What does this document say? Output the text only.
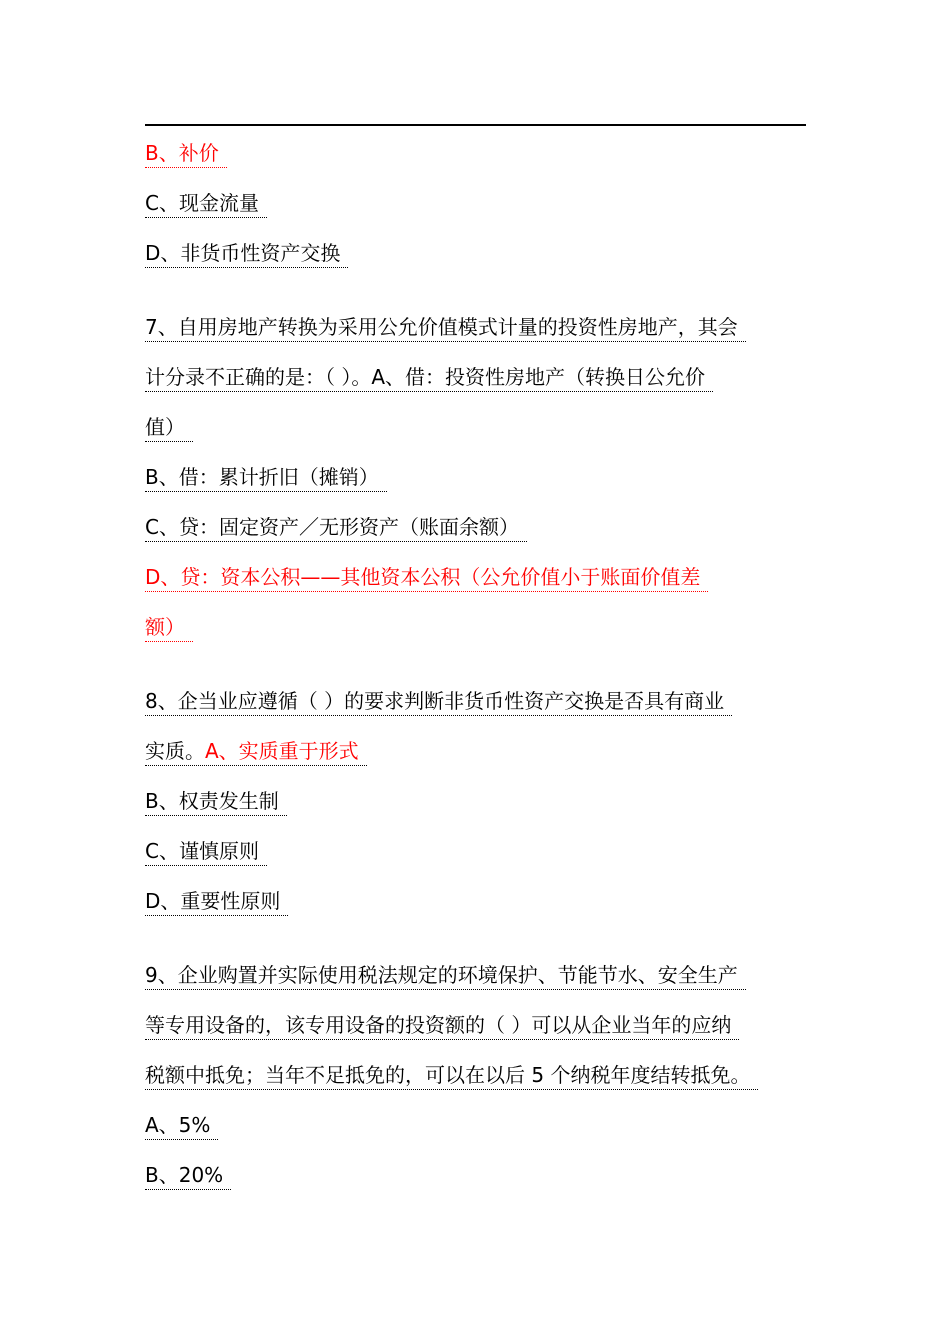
B、补价
C、现金流量
D、非货币性资产交换
7、自用房地产转换为采用公允价值模式计量的投资性房地产，其会
计分录不正确的是：（ ）。A、借：投资性房地产（转换日公允价
值）
B、借：累计折旧（摊销）
C、贷：固定资产／无形资产（账面余额）
D、贷：资本公积——其他资本公积（公允价值小于账面价值差
额）
8、企当业应遵循（ ）的要求判断非货币性资产交换是否具有商业
实质。A、实质重于形式
B、权责发生制
C、谨慎原则
D、重要性原则
9、企业购置并实际使用税法规定的环境保护、节能节水、安全生产
等专用设备的，该专用设备的投资额的（ ）可以从企业当年的应纳
税额中抵免；当年不足抵免的，可以在以后 5 个纳税年度结转抵免。
A、5%
B、20%
